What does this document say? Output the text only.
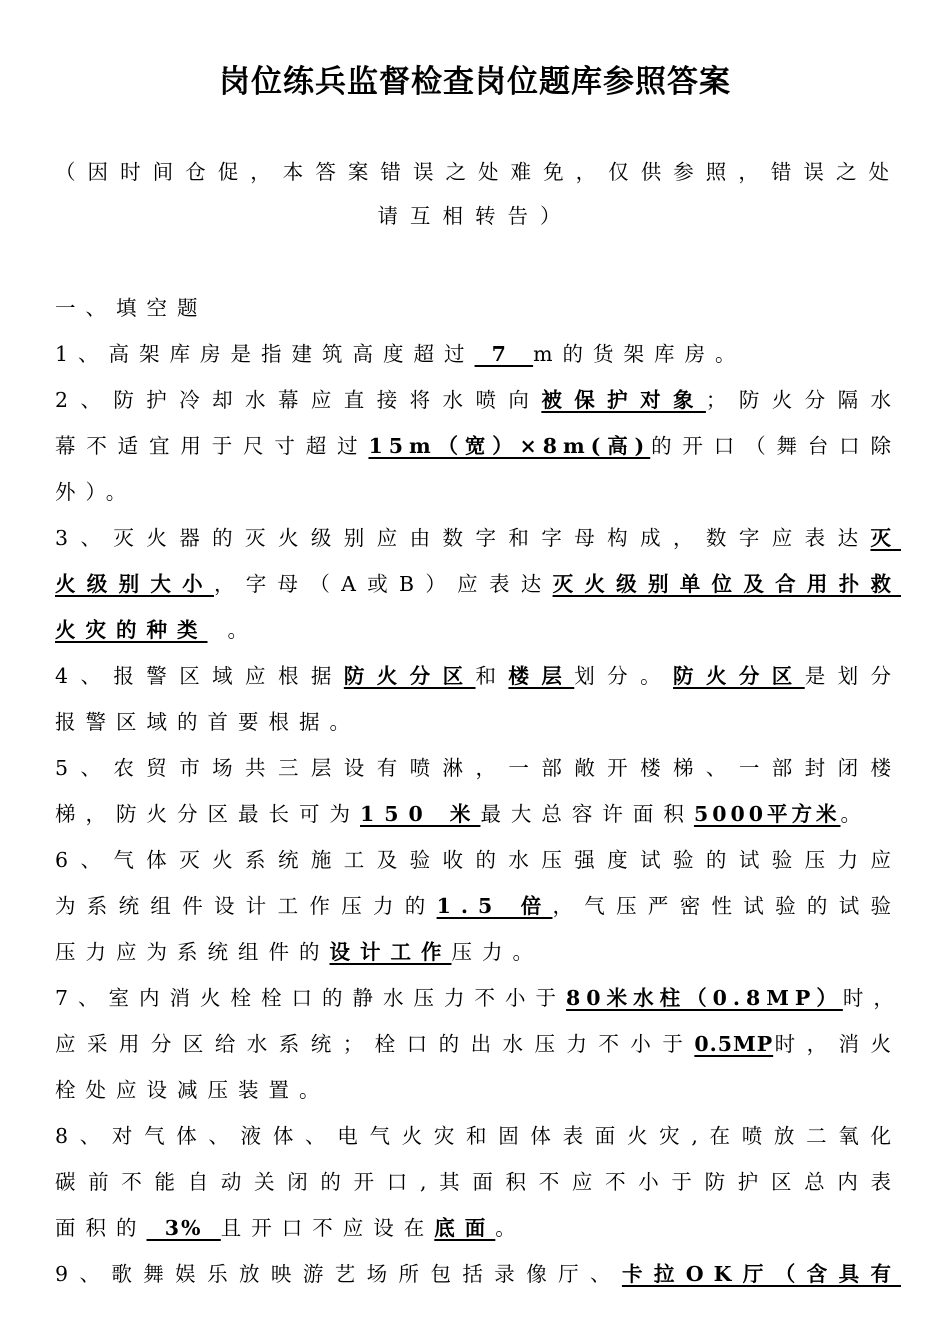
岗位练兵监督检查岗位题库参照答案
（因时间仓促，本答案错误之处难免，仅供参照，错误之处
请互相转告）
一、填空题
1、高架库房是指建筑高度超过 7 m的货架库房。
2、防护冷却水幕应直接将水喷向被保护对象；防火分隔水
幕不适宜用于尺寸超过15m（宽）×8m(高)的开口（舞台口除
外）。
3、灭火器的灭火级别应由数字和字母构成，数字应表达灭
火级别大小，字母（A或B）应表达灭火级别单位及合用扑救
火灾的种类 。
4、报警区域应根据防火分区和楼层划分。防火分区是划分
报警区域的首要根据。
5、农贸市场共三层设有喷淋，一部敞开楼梯、一部封闭楼
梯，防火分区最长可为150 米最大总容许面积5000平方米。
6、气体灭火系统施工及验收的水压强度试验的试验压力应
为系统组件设计工作压力的1.5 倍，气压严密性试验的试验
压力应为系统组件的设计工作压力。
7、室内消火栓栓口的静水压力不小于80米水柱（0.8MP）时，
应采用分区给水系统；栓口的出水压力不小于0.5MP时，消火
栓处应设减压装置。
8、对气体、液体、电气火灾和固体表面火灾,在喷放二氧化
碳前不能自动关闭的开口,其面积不应不小于防护区总内表
面积的  3%  且开口不应设在底面。
9、歌舞娱乐放映游艺场所包括录像厅、卡拉OK厅（含具有
